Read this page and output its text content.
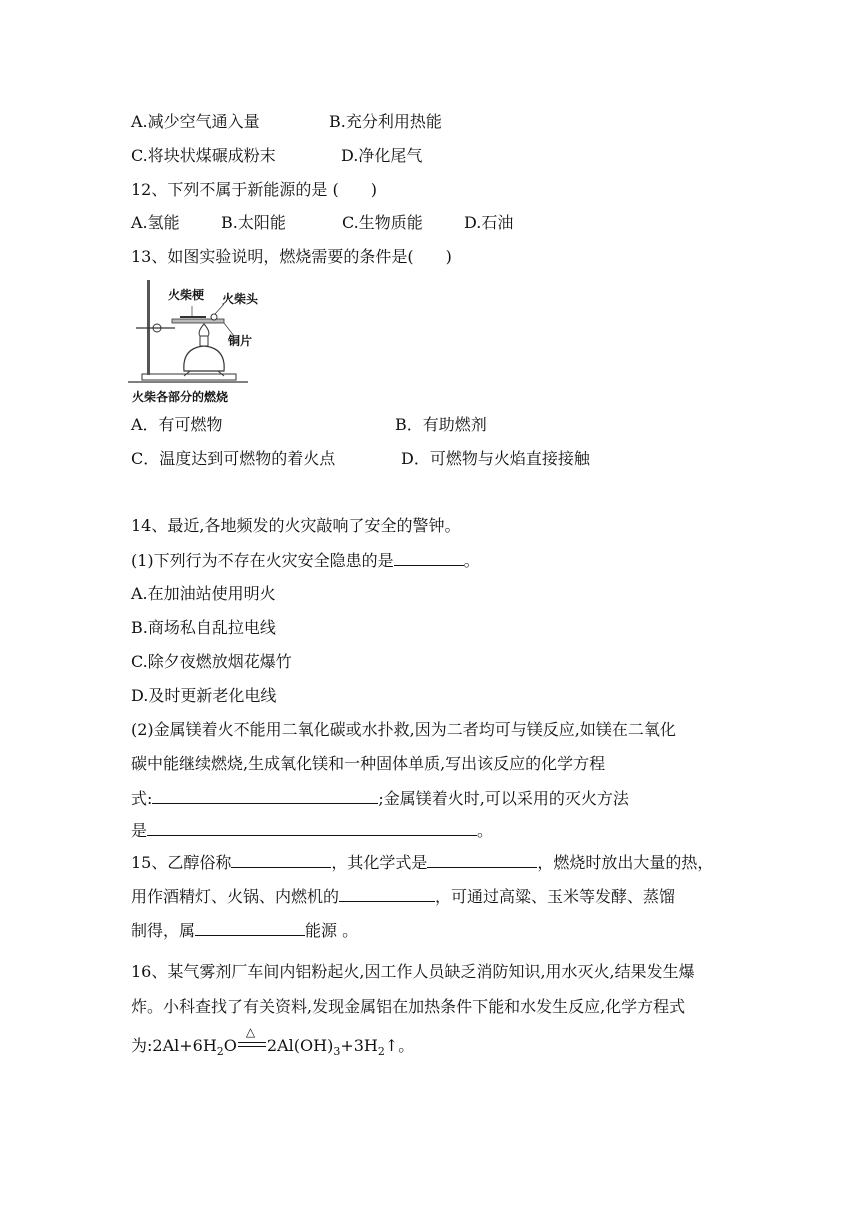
A.减少空气通入量	B.充分利用热能
C.将块状煤碾成粉末	D.净化尾气
12、下列不属于新能源的是 (　　)
A.氢能	B.太阳能	C.生物质能	D.石油
13、如图实验说明，燃烧需要的条件是(　　)
火柴梗 火柴头
铜片
火柴各部分的燃烧
A．有可燃物	B．有助燃剂
C．温度达到可燃物的着火点	D．可燃物与火焰直接接触
14、最近,各地频发的火灾敲响了安全的警钟。
(1)下列行为不存在火灾安全隐患的是	。
A.在加油站使用明火
B.商场私自乱拉电线
C.除夕夜燃放烟花爆竹
D.及时更新老化电线
(2)金属镁着火不能用二氧化碳或水扑救,因为二者均可与镁反应,如镁在二氧化
碳中能继续燃烧,生成氧化镁和一种固体单质,写出该反应的化学方程
式:	;金属镁着火时,可以采用的灭火方法
是	。
15、乙醇俗称	，其化学式是	，燃烧时放出大量的热，
用作酒精灯、火锅、内燃机的	，可通过高粱、玉米等发酵、蒸馏
制得，属	能源 。
16、某气雾剂厂车间内铝粉起火,因工作人员缺乏消防知识,用水灭火,结果发生爆
炸。小科查找了有关资料,发现金属铝在加热条件下能和水发生反应,化学方程式
为$:2Al+6H_2O$
△
$2Al(OH)_3+3H_2↑$。
